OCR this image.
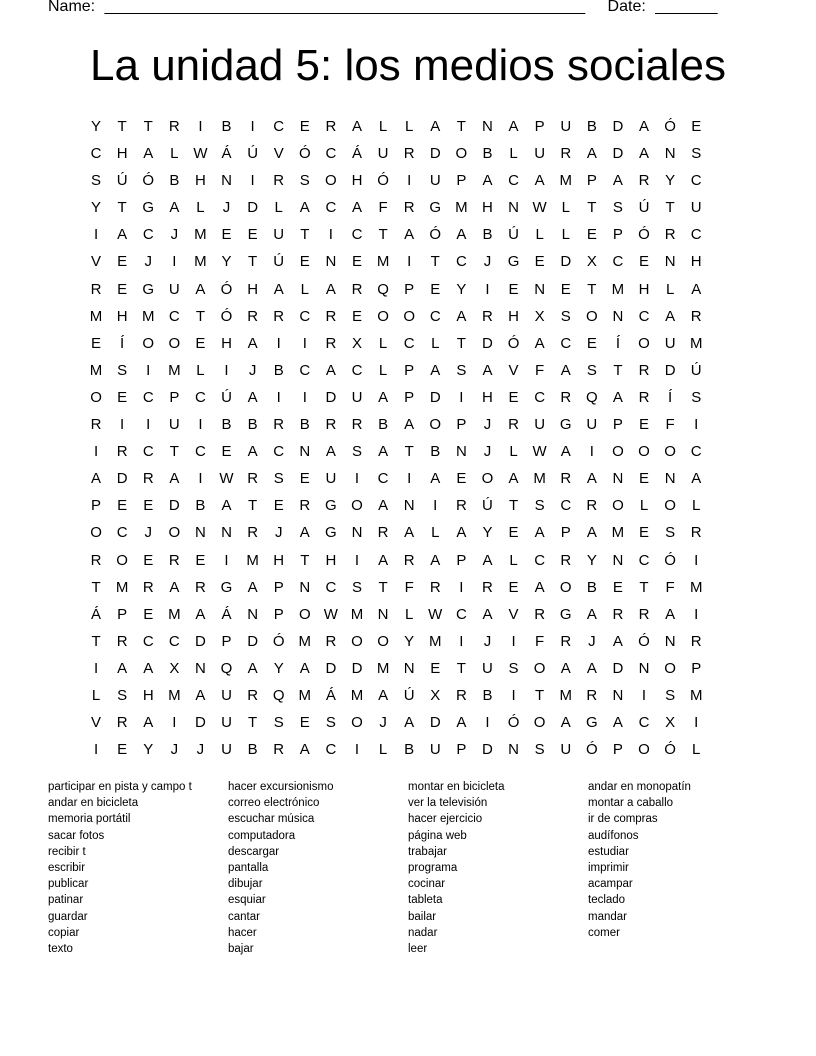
Name: ______________________________________________________ Date: _______
La unidad 5: los medios sociales
Y	T	T	R	I	B	I	C	E	R	A	L	L	A	T	N	A	P	U	B	D	A	Ó	E
C	H	A	L W Á	Ú	V	Ó C	Á	U	R	D O	B	L	U	R	A	D	A	N	S
S	Ú Ó	B	H	N	I	R	S	O H Ó	I	U	P	A	C	A M P	A	R	Y	C
Y	T	G	A	L	J	D	L	A	C	A	F	R G M H	N W L	T	S	Ú	T	U
I	A	C	J	M E	E	U	T	I	C	T	A	Ó	A	B	Ú	L	L	E	P	Ó R	C
V	E	J	I	M Y	T	Ú	E	N	E M	I	T	C	J	G	E	D	X	C	E	N	H
R	E	G U	A	Ó H	A	L	A	R Q	P	E	Y	I	E	N	E	T	M H	L	A
M H M C	T	Ó R	R	C	R	E	O O C	A	R	H	X	S	O N	C	A	R
E	Í	O O	E	H	A	I	I	R	X	L	C	L	T	D Ó	A	C	E	Í	O U M
M S	I	M	L	I	J	B	C	A	C	L	P	A	S	A	V	F	A	S	T	R	D	Ú
O	E	C	P	C	Ú	A	I	I	D	U	A	P	D	I	H	E	C	R Q	A	R	Í	S
R	I	I	U	I	B	B	R	B	R	R	B	A	O	P	J	R	U G U	P	E	F	I
I	R	C	T	C	E	A	C	N	A	S	A	T	B	N	J	L W A	I	O O O C
A	D	R	A	I	W R	S	E	U	I	C	I	A	E	O	A M R	A	N	E	N	A
P	E	E	D	B	A	T	E	R G O	A	N	I	R	Ú	T	S	C	R O	L	O	L
O C	J	O N	N	R	J	A	G N	R	A	L	A	Y	E	A	P	A M E	S	R
R O	E	R	E	I	M H	T	H	I	A	R	A	P	A	L	C	R	Y	N	C Ó	I
T	M R	A	R G	A	P	N	C	S	T	F	R	I	R	E	A	O	B	E	T	F	M
Á	P	E M A	Á	N	P	O W M N	L W C	A	V	R G	A	R	R	A	I
T	R	C	C	D	P	D Ó M R O O	Y M	I	J	I	F	R	J	A	Ó N	R
I	A	A	X	N Q	A	Y	A	D	D M N	E	T	U	S	O	A	A	D	N O	P
L	S	H M A	U	R Q M Á M A	Ú	X	R	B	I	T	M R	N	I	S M
V	R	A	I	D	U	T	S	E	S	O	J	A	D	A	I	Ó O	A	G	A	C	X	I
I	E	Y	J	J	U	B	R	A	C	I	L	B	U	P	D	N	S	U Ó	P	O Ó	L
participar en pista y campo t
andar en bicicleta
memoria portátil
sacar fotos
recibir t
escribir
publicar
patinar
guardar
copiar
texto
hacer excursionismo
correo electrónico
escuchar música
computadora
descargar
pantalla
dibujar
esquiar
cantar
hacer
bajar
montar en bicicleta
ver la televisión
hacer ejercicio
página web
trabajar
programa
cocinar
tableta
bailar
nadar
leer
andar en monopatín
montar a caballo
ir de compras
audífonos
estudiar
imprimir
acampar
teclado
mandar
comer
